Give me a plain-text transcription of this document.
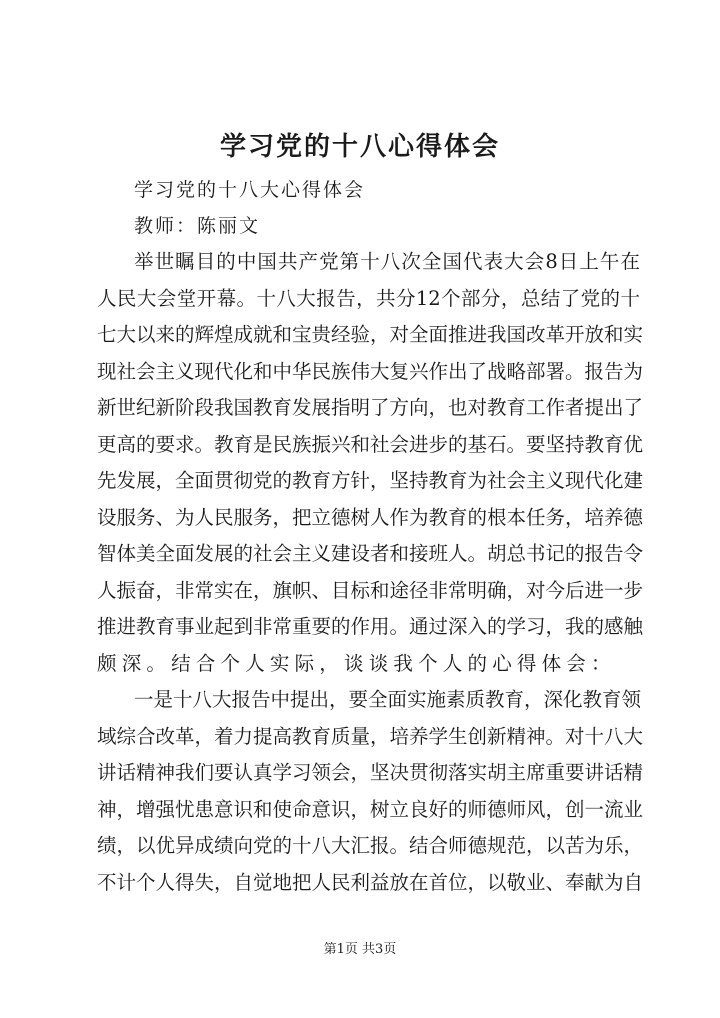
学习党的十八心得体会
学习党的十八大心得体会
教师：陈丽文
举世瞩目的中国共产党第十八次全国代表大会8日上午在
人民大会堂开幕。十八大报告，共分12个部分，总结了党的十
七大以来的辉煌成就和宝贵经验，对全面推进我国改革开放和实
现社会主义现代化和中华民族伟大复兴作出了战略部署。报告为
新世纪新阶段我国教育发展指明了方向，也对教育工作者提出了
更高的要求。教育是民族振兴和社会进步的基石。要坚持教育优
先发展，全面贯彻党的教育方针，坚持教育为社会主义现代化建
设服务、为人民服务，把立德树人作为教育的根本任务，培养德
智体美全面发展的社会主义建设者和接班人。胡总书记的报告令
人振奋，非常实在，旗帜、目标和途径非常明确，对今后进一步
推进教育事业起到非常重要的作用。通过深入的学习，我的感触
颇深。结合个人实际，谈谈我个人的心得体会：
一是十八大报告中提出，要全面实施素质教育，深化教育领
域综合改革，着力提高教育质量，培养学生创新精神。对十八大
讲话精神我们要认真学习领会，坚决贯彻落实胡主席重要讲话精
神，增强忧患意识和使命意识，树立良好的师德师风，创一流业
绩，以优异成绩向党的十八大汇报。结合师德规范，以苦为乐，
不计个人得失，自觉地把人民利益放在首位，以敬业、奉献为自
第1页 共3页
